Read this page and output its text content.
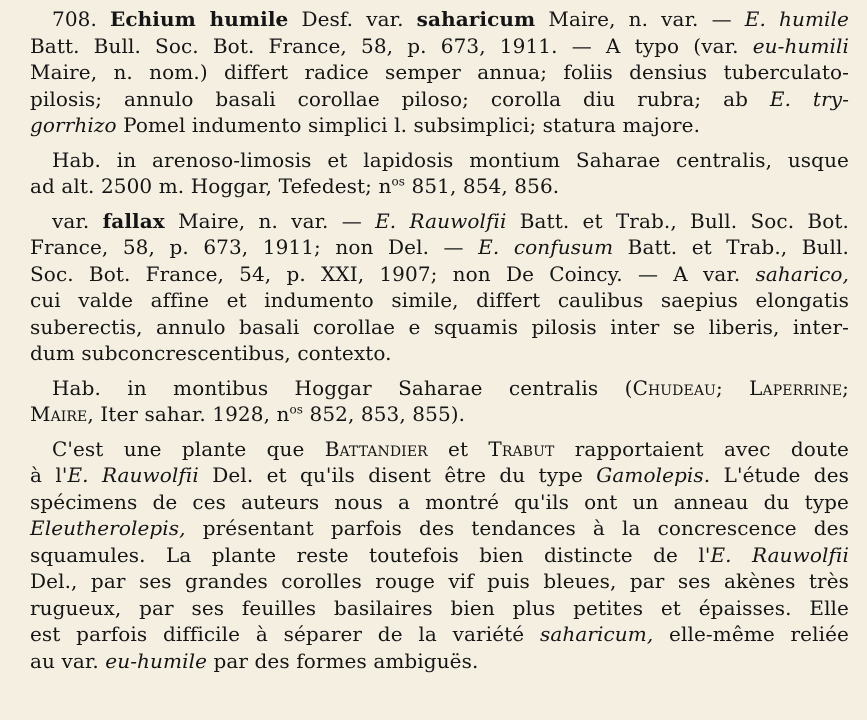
708. Echium humile Desf. var. saharicum Maire, n. var. — E. humile
Batt. Bull. Soc. Bot. France, 58, p. 673, 1911. — A typo (var. eu-humili
Maire, n. nom.) differt radice semper annua; foliis densius tuberculato-
pilosis; annulo basali corollae piloso; corolla diu rubra; ab E. try-
gorrhizo Pomel indumento simplici l. subsimplici; statura majore.
Hab. in arenoso-limosis et lapidosis montium Saharae centralis, usque
ad alt. 2500 m. Hoggar, Tefedest; $n^{os}$ 851, 854, 856.
var. fallax Maire, n. var. — E. Rauwolfii Batt. et Trab., Bull. Soc. Bot.
France, 58, p. 673, 1911; non Del. — E. confusum Batt. et Trab., Bull.
Soc. Bot. France, 54, p. XXI, 1907; non De Coincy. — A var. saharico,
cui valde affine et indumento simile, differt caulibus saepius elongatis
suberectis, annulo basali corollae e squamis pilosis inter se liberis, inter-
dum subconcrescentibus, contexto.
Hab. in montibus Hoggar Saharae centralis (Chudeau; Laperrine;
Maire, Iter sahar. 1928, $n^{os}$ 852, 853, 855).
C'est une plante que Battandier et Trabut rapportaient avec doute
à l'E. Rauwolfii Del. et qu'ils disent être du type Gamolepis. L'étude des
spécimens de ces auteurs nous a montré qu'ils ont un anneau du type
Eleutherolepis, présentant parfois des tendances à la concrescence des
squamules. La plante reste toutefois bien distincte de l'E. Rauwolfii
Del., par ses grandes corolles rouge vif puis bleues, par ses akènes très
rugueux, par ses feuilles basilaires bien plus petites et épaisses. Elle
est parfois difficile à séparer de la variété saharicum, elle-même reliée
au var. eu-humile par des formes ambiguës.
